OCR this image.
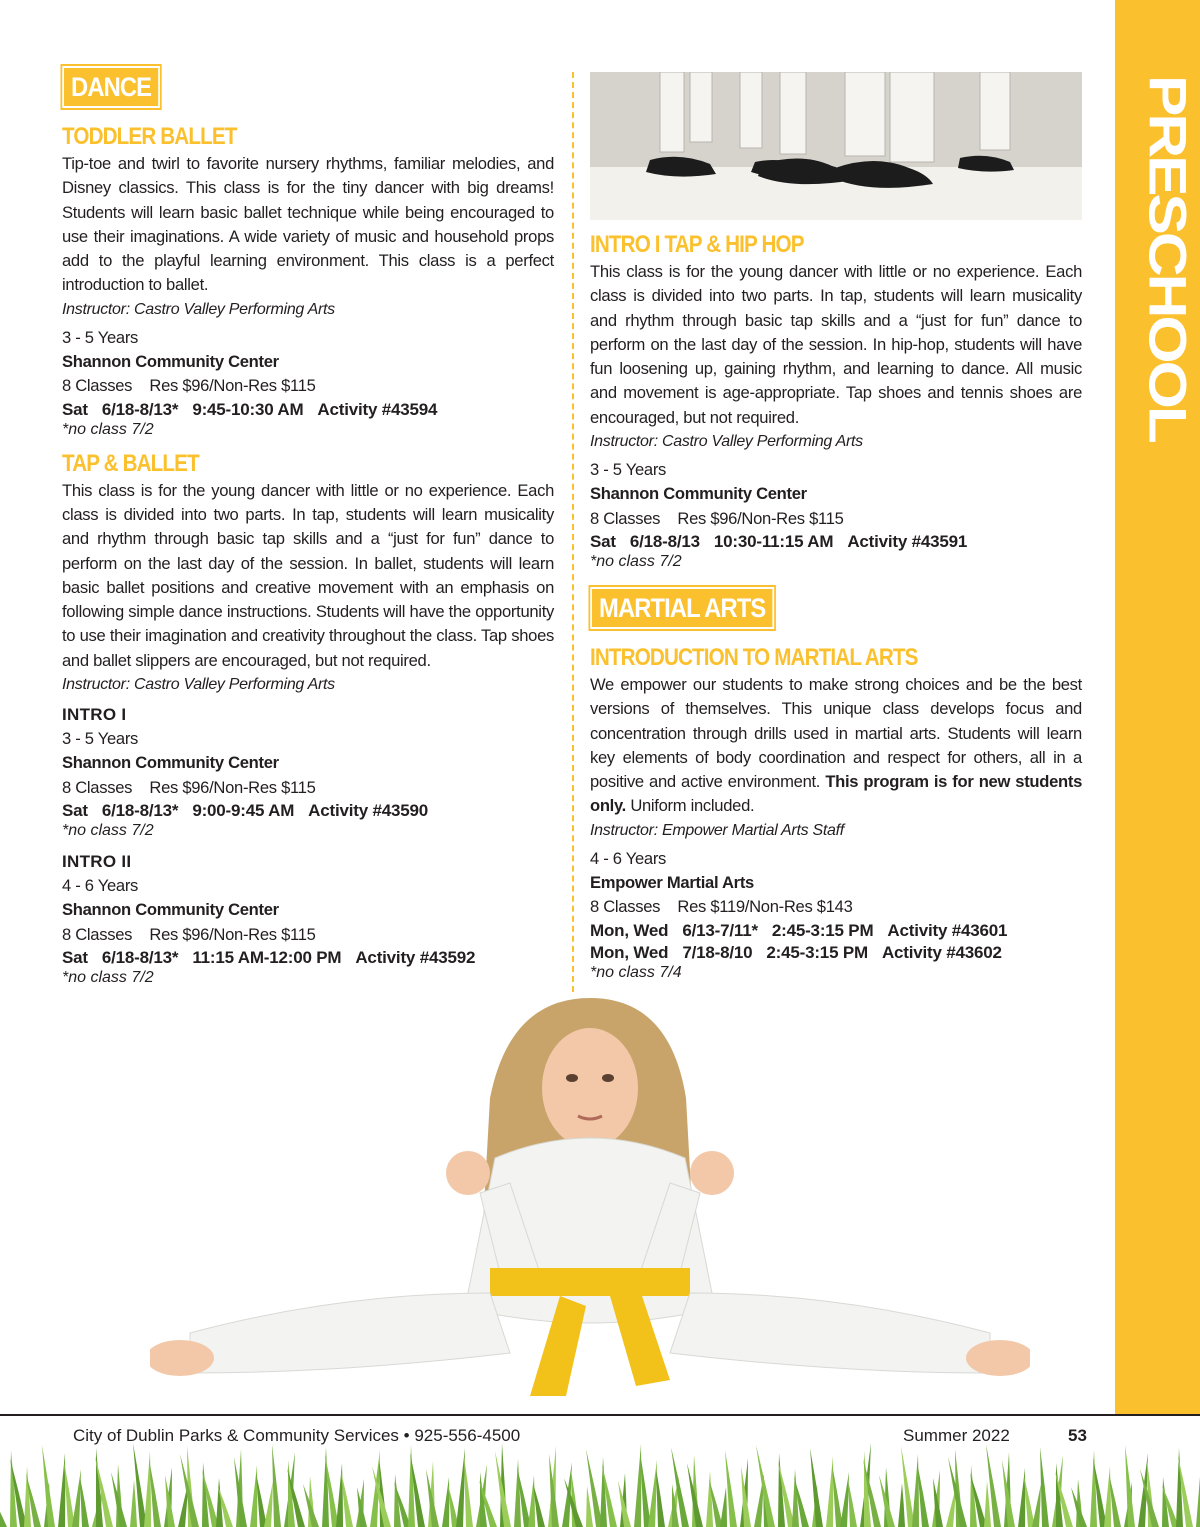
PRESCHOOL
DANCE
TODDLER BALLET

Tip-toe and twirl to favorite nursery rhythms, familiar melodies, and Disney classics. This class is for the tiny dancer with big dreams! Students will learn basic ballet technique while being encouraged to use their imaginations. A wide variety of music and household props add to the playful learning environment. This class is a perfect introduction to ballet.

Instructor: Castro Valley Performing Arts

3 - 5 Years

Shannon Community Center

8 Classes    Res $96/Non-Res $115

Sat 6/18-8/13* 9:45-10:30 AM Activity #43594

*no class 7/2

TAP & BALLET

This class is for the young dancer with little or no experience. Each class is divided into two parts. In tap, students will learn musicality and rhythm through basic tap skills and a “just for fun” dance to perform on the last day of the session. In ballet, students will learn basic ballet positions and creative movement with an emphasis on following simple dance instructions. Students will have the opportunity to use their imagination and creativity throughout the class. Tap shoes and ballet slippers are encouraged, but not required.

Instructor: Castro Valley Performing Arts

INTRO I

3 - 5 Years

Shannon Community Center

8 Classes    Res $96/Non-Res $115

Sat 6/18-8/13* 9:00-9:45 AM Activity #43590

*no class 7/2

INTRO II

4 - 6 Years

Shannon Community Center

8 Classes    Res $96/Non-Res $115

Sat 6/18-8/13* 11:15 AM-12:00 PM Activity #43592

*no class 7/2

INTRO I TAP & HIP HOP

This class is for the young dancer with little or no experience. Each class is divided into two parts. In tap, students will learn musicality and rhythm through basic tap skills and a “just for fun” dance to perform on the last day of the session. In hip-hop, students will have fun loosening up, gaining rhythm, and learning to dance. All music and movement is age-appropriate. Tap shoes and tennis shoes are encouraged, but not required.

Instructor: Castro Valley Performing Arts

3 - 5 Years

Shannon Community Center

8 Classes    Res $96/Non-Res $115

Sat 6/18-8/13 10:30-11:15 AM Activity #43591

*no class 7/2

MARTIAL ARTS
INTRODUCTION TO MARTIAL ARTS

We empower our students to make strong choices and be the best versions of themselves. This unique class develops focus and concentration through drills used in martial arts. Students will learn key elements of body coordination and respect for others, all in a positive and active environment. This program is for new students only. Uniform included.

Instructor: Empower Martial Arts Staff

4 - 6 Years

Empower Martial Arts

8 Classes    Res $119/Non-Res $143

Mon, Wed 6/13-7/11* 2:45-3:15 PM Activity #43601

Mon, Wed 7/18-8/10 2:45-3:15 PM Activity #43602

*no class 7/4

City of Dublin Parks & Community Services • 925-556-4500	Summer 2022	53
